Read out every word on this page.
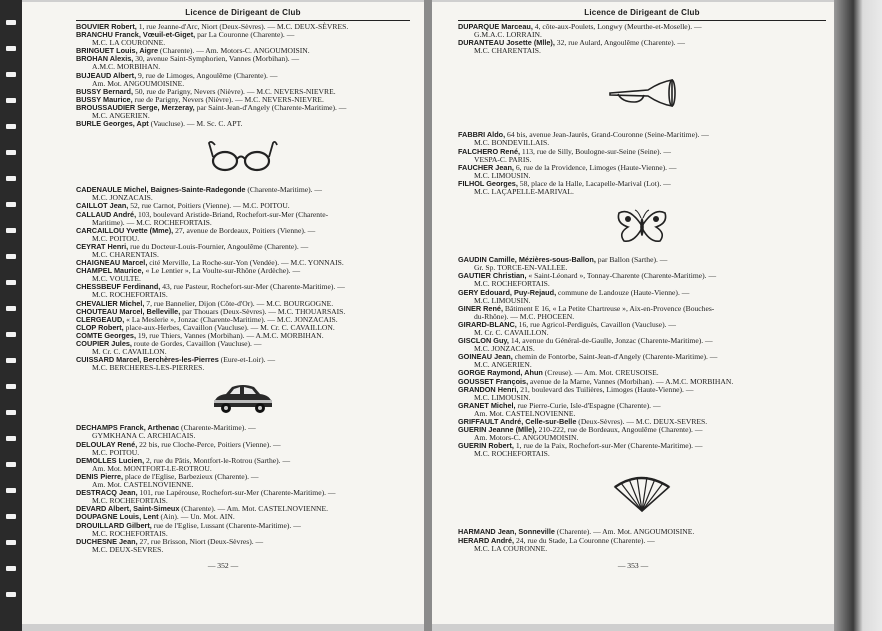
Licence de Dirigeant de Club
BOUVIER Robert, 1, rue Jeanne-d'Arc, Niort (Deux-Sèvres). — M.C. DEUX-SÈVRES.
BRANCHU Franck, Vœuil-et-Giget, par La Couronne (Charente). —
M.C. LA COURONNE.
BRINGUET Louis, Aigre (Charente). — Am. Motors-C. ANGOUMOISIN.
BROHAN Alexis, 30, avenue Saint-Symphorien, Vannes (Morbihan). —
A.M.C. MORBIHAN.
BUJEAUD Albert, 9, rue de Limoges, Angoulême (Charente). —
Am. Mot. ANGOUMOISINE.
BUSSY Bernard, 50, rue de Parigny, Nevers (Nièvre). — M.C. NEVERS-NIEVRE.
BUSSY Maurice, rue de Parigny, Nevers (Nièvre). — M.C. NEVERS-NIEVRE.
BROUSSAUDIER Serge, Merzeray, par Saint-Jean-d'Angely (Charente-Maritime). —
M.C. ANGERIEN.
BURLE Georges, Apt (Vaucluse). — M. Sc. C. APT.
CADENAULE Michel, Baignes-Sainte-Radegonde (Charente-Maritime). —
M.C. JONZACAIS.
CAILLOT Jean, 52, rue Carnot, Poitiers (Vienne). — M.C. POITOU.
CALLAUD André, 103, boulevard Aristide-Briand, Rochefort-sur-Mer (Charente-
Maritime). — M.C. ROCHEFORTAIS.
CARCAILLOU Yvette (Mme), 27, avenue de Bordeaux, Poitiers (Vienne). —
M.C. POITOU.
CEYRAT Henri, rue du Docteur-Louis-Fournier, Angoulême (Charente). —
M.C. CHARENTAIS.
CHAIGNEAU Marcel, cité Merville, La Roche-sur-Yon (Vendée). — M.C. YONNAIS.
CHAMPEL Maurice, « Le Lentier », La Voulte-sur-Rhône (Ardèche). —
M.C. VOULTE.
CHESSBEUF Ferdinand, 43, rue Pasteur, Rochefort-sur-Mer (Charente-Maritime). —
M.C. ROCHEFORTAIS.
CHEVALIER Michel, 7, rue Bannelier, Dijon (Côte-d'Or). — M.C. BOURGOGNE.
CHOUTEAU Marcel, Belleville, par Thouars (Deux-Sèvres). — M.C. THOUARSAIS.
CLERGEAUD, « La Meslerie », Jonzac (Charente-Maritime). — M.C. JONZACAIS.
CLOP Robert, place-aux-Herbes, Cavaillon (Vaucluse). — M. Cr. C. CAVAILLON.
COMTE Georges, 19, rue Thiers, Vannes (Morbihan). — A.M.C. MORBIHAN.
COUPIER Jules, route de Gordes, Cavaillon (Vaucluse). —
M. Cr. C. CAVAILLON.
CUISSARD Marcel, Berchères-les-Pierres (Eure-et-Loir). —
M.C. BERCHERES-LES-PIERRES.
DECHAMPS Franck, Arthenac (Charente-Maritime). —
GYMKHANA C. ARCHIACAIS.
DELOULAY René, 22 bis, rue Cloche-Perce, Poitiers (Vienne). —
M.C. POITOU.
DEMOLLES Lucien, 2, rue du Pâtis, Montfort-le-Rotrou (Sarthe). —
Am. Mot. MONTFORT-LE-ROTROU.
DENIS Pierre, place de l'Eglise, Barbezieux (Charente). —
Am. Mot. CASTELNOVIENNE.
DESTRACQ Jean, 101, rue Lapérouse, Rochefort-sur-Mer (Charente-Maritime). —
M.C. ROCHEFORTAIS.
DEVARD Albert, Saint-Simeux (Charente). — Am. Mot. CASTELNOVIENNE.
DOUPAGNE Louis, Lent (Ain). — Un. Mot. AIN.
DROUILLARD Gilbert, rue de l'Eglise, Lussant (Charente-Maritime). —
M.C. ROCHEFORTAIS.
DUCHESNE Jean, 27, rue Brisson, Niort (Deux-Sèvres). —
M.C. DEUX-SEVRES.
— 352 —
Licence de Dirigeant de Club
DUPARQUE Marceau, 4, côte-aux-Poulets, Longwy (Meurthe-et-Moselle). —
G.M.A.C. LORRAIN.
DURANTEAU Josette (Mlle), 32, rue Aulard, Angoulême (Charente). —
M.C. CHARENTAIS.
FABBRI Aldo, 64 bis, avenue Jean-Jaurès, Grand-Couronne (Seine-Maritime). —
M.C. BONDEVILLAIS.
FALCHERO René, 113, rue de Silly, Boulogne-sur-Seine (Seine). —
VESPA-C. PARIS.
FAUCHER Jean, 6, rue de la Providence, Limoges (Haute-Vienne). —
M.C. LIMOUSIN.
FILHOL Georges, 58, place de la Halle, Lacapelle-Marival (Lot). —
M.C. LAÇAPELLE-MARIVAL.
GAUDIN Camille, Mézières-sous-Ballon, par Ballon (Sarthe). —
Gr. Sp. TORCE-EN-VALLEE.
GAUTIER Christian, « Saint-Léonard », Tonnay-Charente (Charente-Maritime). —
M.C. ROCHEFORTAIS.
GERY Edouard, Puy-Rejaud, commune de Landouze (Haute-Vienne). —
M.C. LIMOUSIN.
GINER René, Bâtiment E 16, « La Petite Chartreuse », Aix-en-Provence (Bouches-
du-Rhône). — M.C. PHOCEEN.
GIRARD-BLANC, 16, rue Agricol-Perdiguès, Cavaillon (Vaucluse). —
M. Cr. C. CAVAILLON.
GISCLON Guy, 14, avenue du Général-de-Gaulle, Jonzac (Charente-Maritime). —
M.C. JONZACAIS.
GOINEAU Jean, chemin de Fontorbe, Saint-Jean-d'Angely (Charente-Maritime). —
M.C. ANGERIEN.
GORGE Raymond, Ahun (Creuse). — Am. Mot. CREUSOISE.
GOUSSET François, avenue de la Marne, Vannes (Morbihan). — A.M.C. MORBIHAN.
GRANDON Henri, 21, boulevard des Tuilières, Limoges (Haute-Vienne). —
M.C. LIMOUSIN.
GRANET Michel, rue Pierre-Curie, Isle-d'Espagne (Charente). —
Am. Mot. CASTELNOVIENNE.
GRIFFAULT André, Celle-sur-Belle (Deux-Sèvres). — M.C. DEUX-SEVRES.
GUERIN Jeanne (Mlle), 210-222, rue de Bordeaux, Angoulême (Charente). —
Am. Motors-C. ANGOUMOISIN.
GUERIN Robert, 1, rue de la Paix, Rochefort-sur-Mer (Charente-Maritime). —
M.C. ROCHEFORTAIS.
HARMAND Jean, Sonneville (Charente). — Am. Mot. ANGOUMOISINE.
HERARD André, 24, rue du Stade, La Couronne (Charente). —
M.C. LA COURONNE.
— 353 —
